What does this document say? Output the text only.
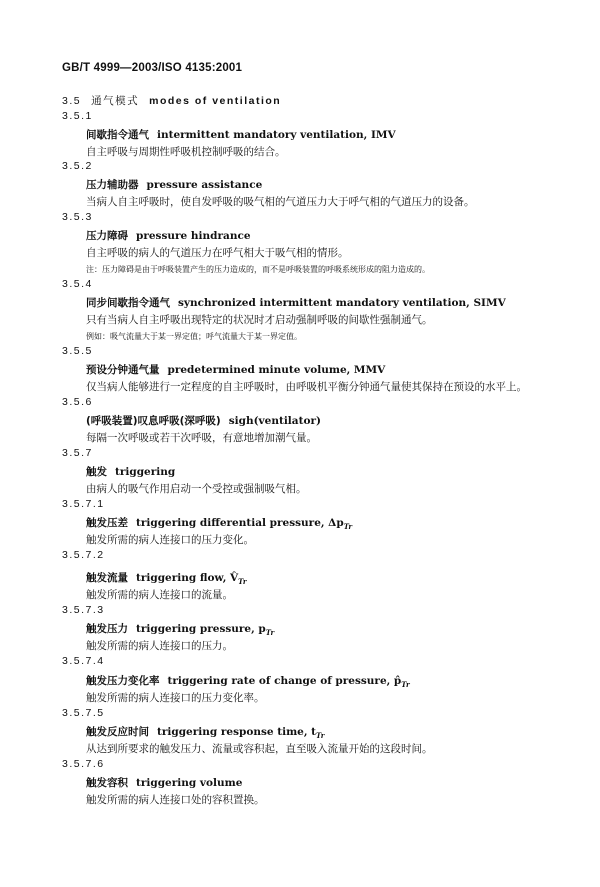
GB/T 4999—2003/ISO 4135:2001
3.5 通气模式 modes of ventilation
3.5.1
间歇指令通气 intermittent mandatory ventilation, IMV
自主呼吸与周期性呼吸机控制呼吸的结合。
3.5.2
压力辅助器 pressure assistance
当病人自主呼吸时，使自发呼吸的吸气相的气道压力大于呼气相的气道压力的设备。
3.5.3
压力障碍 pressure hindrance
自主呼吸的病人的气道压力在呼气相大于吸气相的情形。
注：压力障碍是由于呼吸装置产生的压力造成的，而不是呼吸装置的呼吸系统形成的阻力造成的。
3.5.4
同步间歇指令通气 synchronized intermittent mandatory ventilation, SIMV
只有当病人自主呼吸出现特定的状况时才启动强制呼吸的间歇性强制通气。
例如：吸气流量大于某一界定值；呼气流量大于某一界定值。
3.5.5
预设分钟通气量 predetermined minute volume, MMV
仅当病人能够进行一定程度的自主呼吸时，由呼吸机平衡分钟通气量使其保持在预设的水平上。
3.5.6
(呼吸装置)叹息呼吸(深呼吸) sigh(ventilator)
每隔一次呼吸或若干次呼吸，有意地增加潮气量。
3.5.7
触发 triggering
由病人的吸气作用启动一个受控或强制吸气相。
3.5.7.1
触发压差 triggering differential pressure, $\Delta p_{Tr}$
触发所需的病人连接口的压力变化。
3.5.7.2
触发流量 triggering flow, $V̂_{Tr}$
触发所需的病人连接口的流量。
3.5.7.3
触发压力 triggering pressure, $p_{Tr}$
触发所需的病人连接口的压力。
3.5.7.4
触发压力变化率 triggering rate of change of pressure, $p̂_{Tr}$
触发所需的病人连接口的压力变化率。
3.5.7.5
触发反应时间 triggering response time, $t_{Tr}$
从达到所要求的触发压力、流量或容积起，直至吸入流量开始的这段时间。
3.5.7.6
触发容积 triggering volume
触发所需的病人连接口处的容积置换。
